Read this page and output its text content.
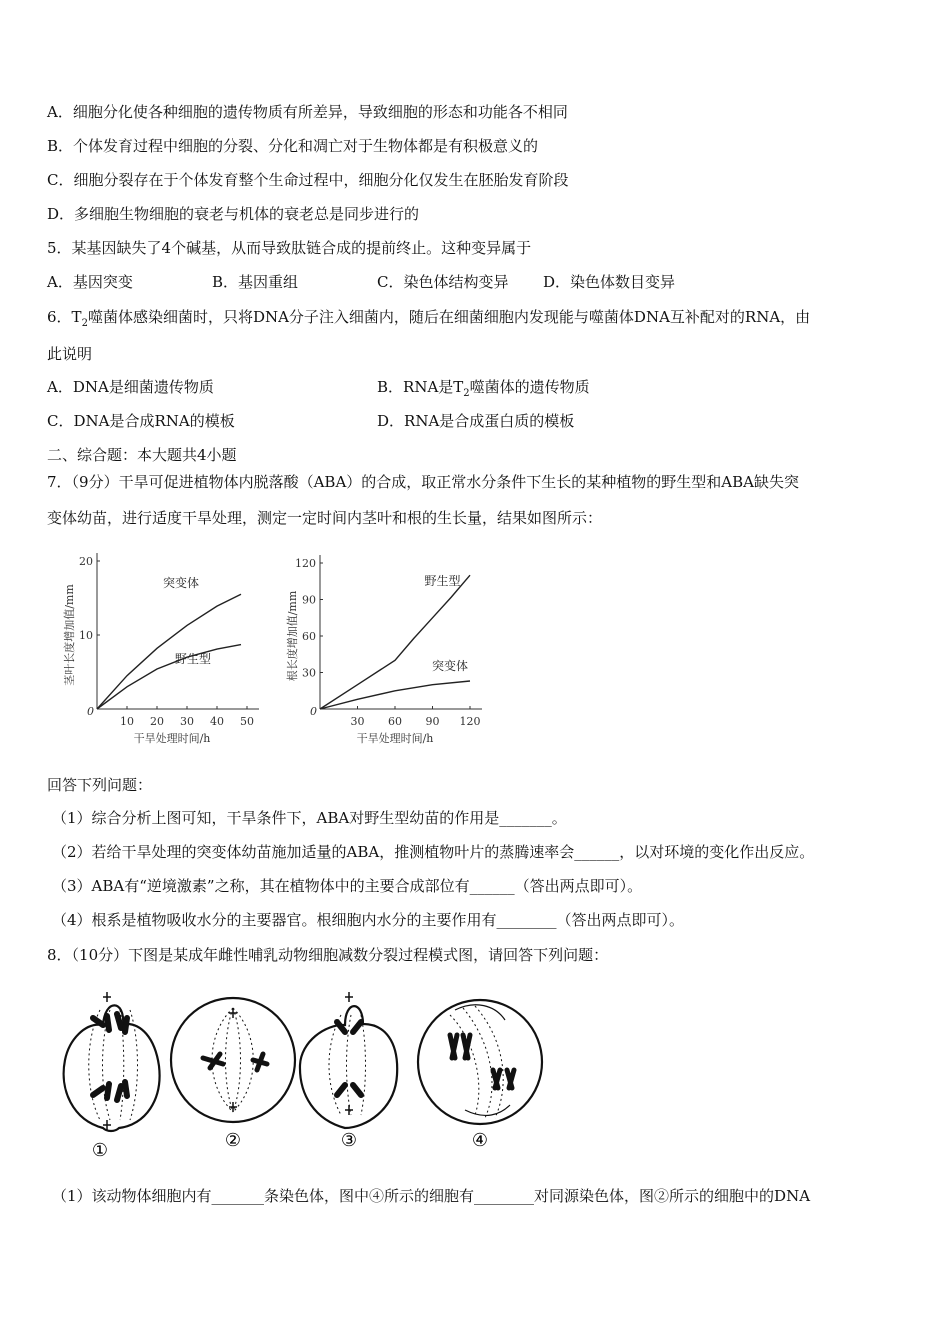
A．细胞分化使各种细胞的遗传物质有所差异，导致细胞的形态和功能各不相同
B．个体发育过程中细胞的分裂、分化和凋亡对于生物体都是有积极意义的
C．细胞分裂存在于个体发育整个生命过程中，细胞分化仅发生在胚胎发育阶段
D．多细胞生物细胞的衰老与机体的衰老总是同步进行的
5．某基因缺失了4个碱基，从而导致肽链合成的提前终止。这种变异属于
A．基因突变	B．基因重组	C．染色体结构变异 D．染色体数目变异
6．$T_2$噬菌体感染细菌时，只将DNA分子注入细菌内，随后在细菌细胞内发现能与噬菌体DNA互补配对的RNA，由
此说明
A．DNA是细菌遗传物质	B．RNA是$T_2$噬菌体的遗传物质
C．DNA是合成RNA的模板	D．RNA是合成蛋白质的模板
二、综合题：本大题共4小题
7．（9分）干旱可促进植物体内脱落酸（ABA）的合成，取正常水分条件下生长的某种植物的野生型和ABA缺失突
变体幼苗，进行适度干旱处理，测定一定时间内茎叶和根的生长量，结果如图所示：
0
10 20 30 40 50
10
20
干旱处理时间/h
茎叶长度增加值/mm
突变体
野生型
0
30 60 90 120
30
60
90
120
干旱处理时间/h
根长度增加值/mm
野生型
突变体
回答下列问题：
（1）综合分析上图可知，干旱条件下，ABA对野生型幼苗的作用是_______。
（2）若给干旱处理的突变体幼苗施加适量的ABA，推测植物叶片的蒸腾速率会______，以对环境的变化作出反应。
（3）ABA有“逆境激素”之称，其在植物体中的主要合成部位有______（答出两点即可）。
（4）根系是植物吸收水分的主要器官。根细胞内水分的主要作用有________（答出两点即可）。
8．（10分）下图是某成年雌性哺乳动物细胞减数分裂过程模式图，请回答下列问题：
①	②	③	④
（1）该动物体细胞内有_______条染色体，图中④所示的细胞有________对同源染色体，图②所示的细胞中的DNA
